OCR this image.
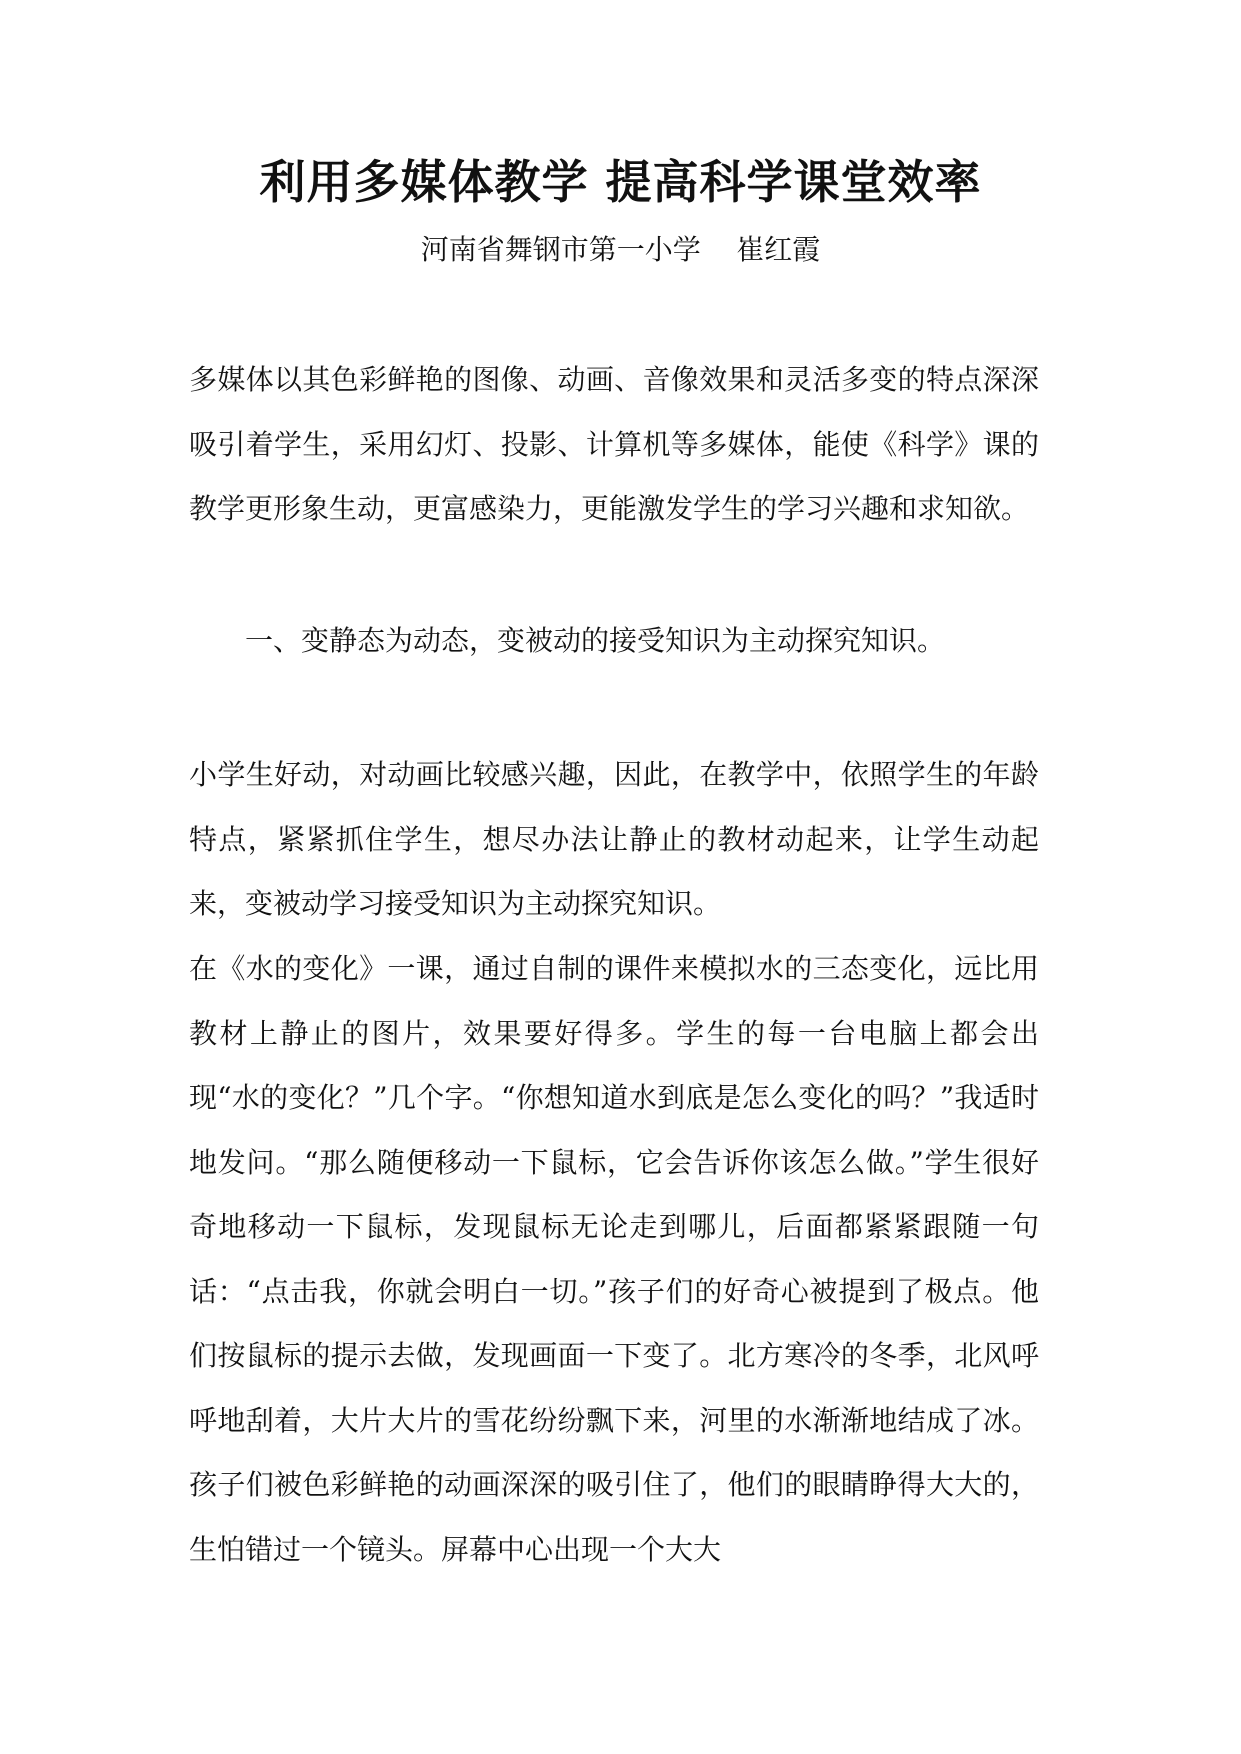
利用多媒体教学 提高科学课堂效率
河南省舞钢市第一小学    崔红霞

多媒体以其色彩鲜艳的图像、动画、音像效果和灵活多变的特点深深吸引着学生，采用幻灯、投影、计算机等多媒体，能使《科学》课的教学更形象生动，更富感染力，更能激发学生的学习兴趣和求知欲。

一、变静态为动态，变被动的接受知识为主动探究知识。

小学生好动，对动画比较感兴趣，因此，在教学中，依照学生的年龄特点，紧紧抓住学生，想尽办法让静止的教材动起来，让学生动起来，变被动学习接受知识为主动探究知识。

在《水的变化》一课，通过自制的课件来模拟水的三态变化，远比用教材上静止的图片，效果要好得多。学生的每一台电脑上都会出现“水的变化？”几个字。“你想知道水到底是怎么变化的吗？”我适时地发问。“那么随便移动一下鼠标，它会告诉你该怎么做。”学生很好奇地移动一下鼠标，发现鼠标无论走到哪儿，后面都紧紧跟随一句话：“点击我，你就会明白一切。”孩子们的好奇心被提到了极点。他们按鼠标的提示去做，发现画面一下变了。北方寒冷的冬季，北风呼呼地刮着，大片大片的雪花纷纷飘下来，河里的水渐渐地结成了冰。孩子们被色彩鲜艳的动画深深的吸引住了，他们的眼睛睁得大大的，生怕错过一个镜头。屏幕中心出现一个大大
